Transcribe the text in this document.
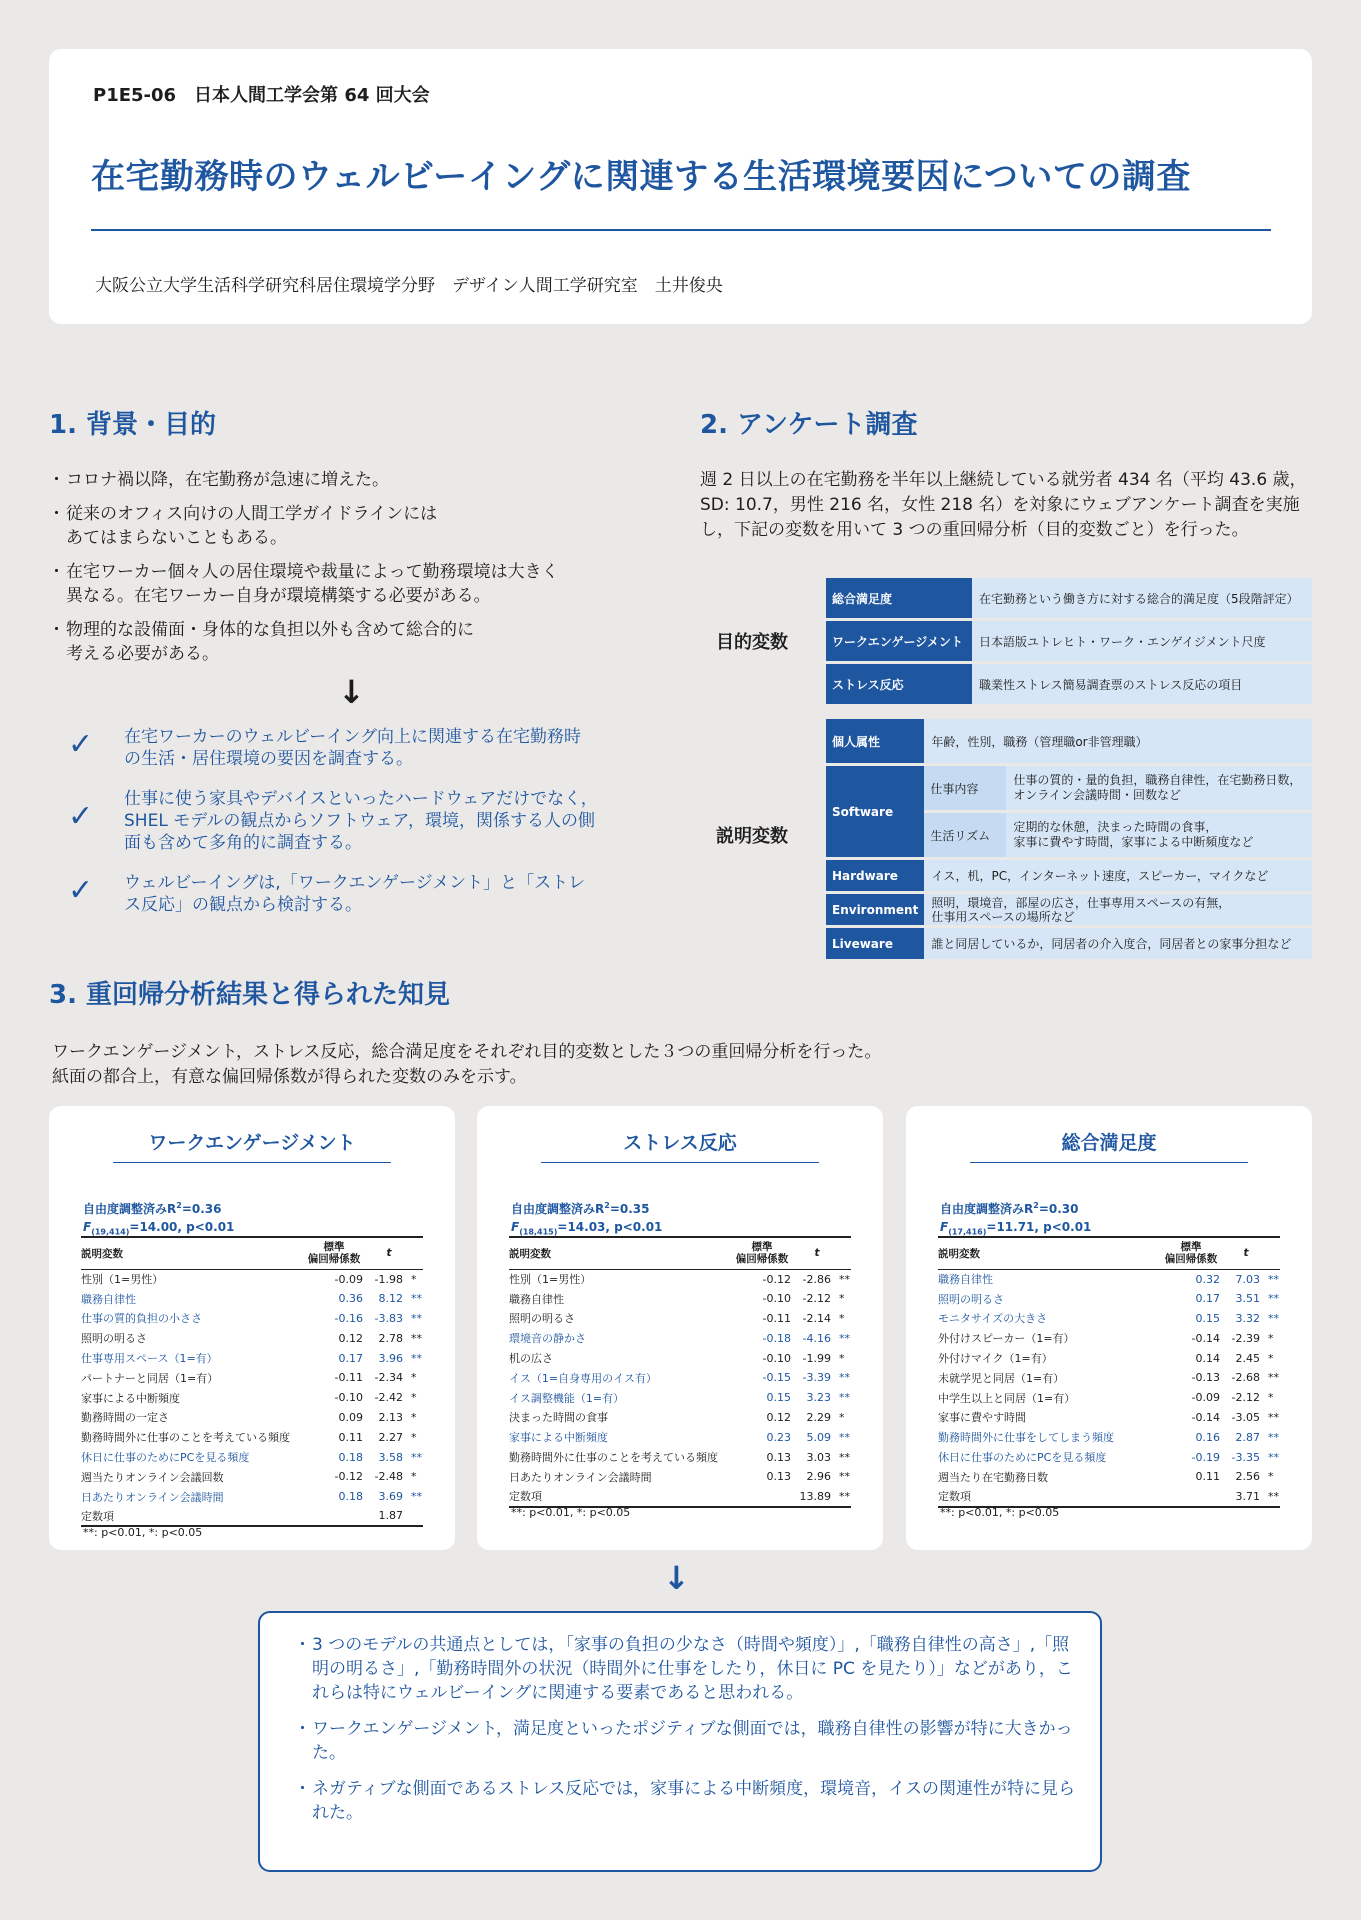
P1E5-06　日本人間工学会第 64 回大会
在宅勤務時のウェルビーイングに関連する生活環境要因についての調査
大阪公立大学生活科学研究科居住環境学分野　デザイン人間工学研究室　土井俊央
1. 背景・目的
・ コロナ禍以降，在宅勤務が急速に増えた。
・ 従来のオフィス向けの人間工学ガイドラインには
あてはまらないこともある。
・ 在宅ワーカー個々人の居住環境や裁量によって勤務環境は大きく
異なる。在宅ワーカー自身が環境構築する必要がある。
・ 物理的な設備面・身体的な負担以外も含めて総合的に
考える必要がある。
↓
✓ 在宅ワーカーのウェルビーイング向上に関連する在宅勤務時
の生活・居住環境の要因を調査する。
✓ 仕事に使う家具やデバイスといったハードウェアだけでなく，
SHEL モデルの観点からソフトウェア，環境，関係する人の側
面も含めて多角的に調査する。
✓ ウェルビーイングは,「ワークエンゲージメント」と「ストレ
ス反応」の観点から検討する。
2. アンケート調査
週 2 日以上の在宅勤務を半年以上継続している就労者 434 名（平均 43.6 歳，SD: 10.7，男性 216 名，女性 218 名）を対象にウェブアンケート調査を実施し，下記の変数を用いて 3 つの重回帰分析（目的変数ごと）を行った。
目的変数
総合満足度	在宅勤務という働き方に対する総合的満足度（5段階評定）
ワークエンゲージメント	日本語版ユトレヒト・ワーク・エンゲイジメント尺度
ストレス反応	職業性ストレス簡易調査票のストレス反応の項目
説明変数
個人属性	年齢，性別，職務（管理職or非管理職）	
Software	仕事内容	仕事の質的・量的負担，職務自律性，在宅勤務日数，
オンライン会議時間・回数など
	生活リズム	定期的な休憩，決まった時間の食事，
家事に費やす時間，家事による中断頻度など
Hardware	イス，机，PC，インターネット速度，スピーカー，マイクなど	
Environment	照明，環境音，部屋の広さ，仕事専用スペースの有無，
仕事用スペースの場所など	
Liveware	誰と同居しているか，同居者の介入度合，同居者との家事分担など	
3. 重回帰分析結果と得られた知見
ワークエンゲージメント，ストレス反応，総合満足度をそれぞれ目的変数とした３つの重回帰分析を行った。
紙面の都合上，有意な偏回帰係数が得られた変数のみを示す。
ワークエンゲージメント
自由度調整済み$R^2=0.36$
$F_{(19,414)}=14.00$, p<0.01
説明変数	標準
偏回帰係数	t	
性別（1=男性）	-0.09	-1.98	*
職務自律性	0.36	8.12	**
仕事の質的負担の小ささ	-0.16	-3.83	**
照明の明るさ	0.12	2.78	**
仕事専用スペース（1=有）	0.17	3.96	**
パートナーと同居（1=有）	-0.11	-2.34	*
家事による中断頻度	-0.10	-2.42	*
勤務時間の一定さ	0.09	2.13	*
勤務時間外に仕事のことを考えている頻度	0.11	2.27	*
休日に仕事のためにPCを見る頻度	0.18	3.58	**
週当たりオンライン会議回数	-0.12	-2.48	*
日あたりオンライン会議時間	0.18	3.69	**
定数項		1.87	
**: p<0.01, *: p<0.05
ストレス反応
自由度調整済み$R^2=0.35$
$F_{(18,415)}=14.03$, p<0.01
説明変数	標準
偏回帰係数	t	
性別（1=男性）	-0.12	-2.86	**
職務自律性	-0.10	-2.12	*
照明の明るさ	-0.11	-2.14	*
環境音の静かさ	-0.18	-4.16	**
机の広さ	-0.10	-1.99	*
イス（1=自身専用のイス有）	-0.15	-3.39	**
イス調整機能（1=有）	0.15	3.23	**
決まった時間の食事	0.12	2.29	*
家事による中断頻度	0.23	5.09	**
勤務時間外に仕事のことを考えている頻度	0.13	3.03	**
日あたりオンライン会議時間	0.13	2.96	**
定数項		13.89	**
**: p<0.01, *: p<0.05
総合満足度
自由度調整済み$R^2=0.30$
$F_{(17,416)}=11.71$, p<0.01
説明変数	標準
偏回帰係数	t	
職務自律性	0.32	7.03	**
照明の明るさ	0.17	3.51	**
モニタサイズの大きさ	0.15	3.32	**
外付けスピーカー（1=有）	-0.14	-2.39	*
外付けマイク（1=有）	0.14	2.45	*
未就学児と同居（1=有）	-0.13	-2.68	**
中学生以上と同居（1=有）	-0.09	-2.12	*
家事に費やす時間	-0.14	-3.05	**
勤務時間外に仕事をしてしまう頻度	0.16	2.87	**
休日に仕事のためにPCを見る頻度	-0.19	-3.35	**
週当たり在宅勤務日数	0.11	2.56	*
定数項		3.71	**
**: p<0.01, *: p<0.05
↓
・ 3 つのモデルの共通点としては，「家事の負担の少なさ（時間や頻度）」,「職務自律性の高さ」,「照明の明るさ」,「勤務時間外の状況（時間外に仕事をしたり，休日に PC を見たり）」などがあり，これらは特にウェルビーイングに関連する要素であると思われる。
・ ワークエンゲージメント，満足度といったポジティブな側面では，職務自律性の影響が特に大きかった。
・ ネガティブな側面であるストレス反応では，家事による中断頻度，環境音，イスの関連性が特に見られた。
